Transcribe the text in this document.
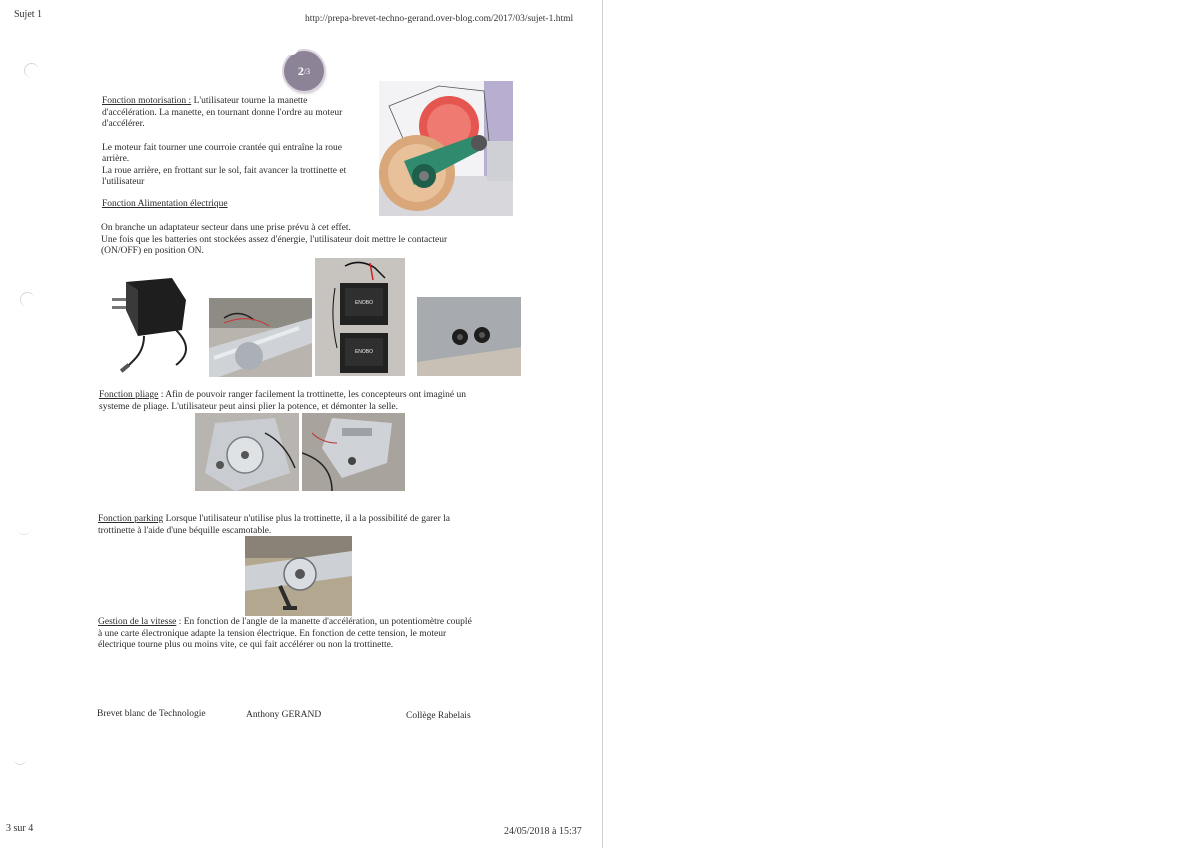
Sujet 1	http://prepa-brevet-techno-gerand.over-blog.com/2017/03/sujet-1.html
2 /3
Fonction motorisation : L'utilisateur tourne la manette
d'accélération. La manette, en tournant donne l'ordre au moteur
d'accélérer.
Le moteur fait tourner une courroie crantée qui entraîne la roue
arrière.
La roue arrière, en frottant sur le sol, fait avancer la trottinette et
l'utilisateur
Fonction Alimentation électrique
On branche un adaptateur secteur dans une prise prévu à cet effet.
Une fois que les batteries ont stockées assez d'énergie, l'utilisateur doit mettre le contacteur
(ON/OFF) en position ON.
ENOBO
ENOBO
Fonction pliage : Afin de pouvoir ranger facilement la trottinette, les concepteurs ont imaginé un
systeme de pliage. L'utilisateur peut ainsi plier la potence, et démonter la selle.
Fonction parking Lorsque l'utilisateur n'utilise plus la trottinette, il a la possibilité de garer la
trottinette à l'aide d'une béquille escamotable.
Gestion de la vitesse : En fonction de l'angle de la manette d'accélération, un potentiomètre couplé
à une carte électronique adapte la tension électrique. En fonction de cette tension, le moteur
électrique tourne plus ou moins vite, ce qui fait accélérer ou non la trottinette.
Brevet blanc de Technologie	Anthony GERAND	Collège Rabelais
3 sur 4	24/05/2018 à 15:37
